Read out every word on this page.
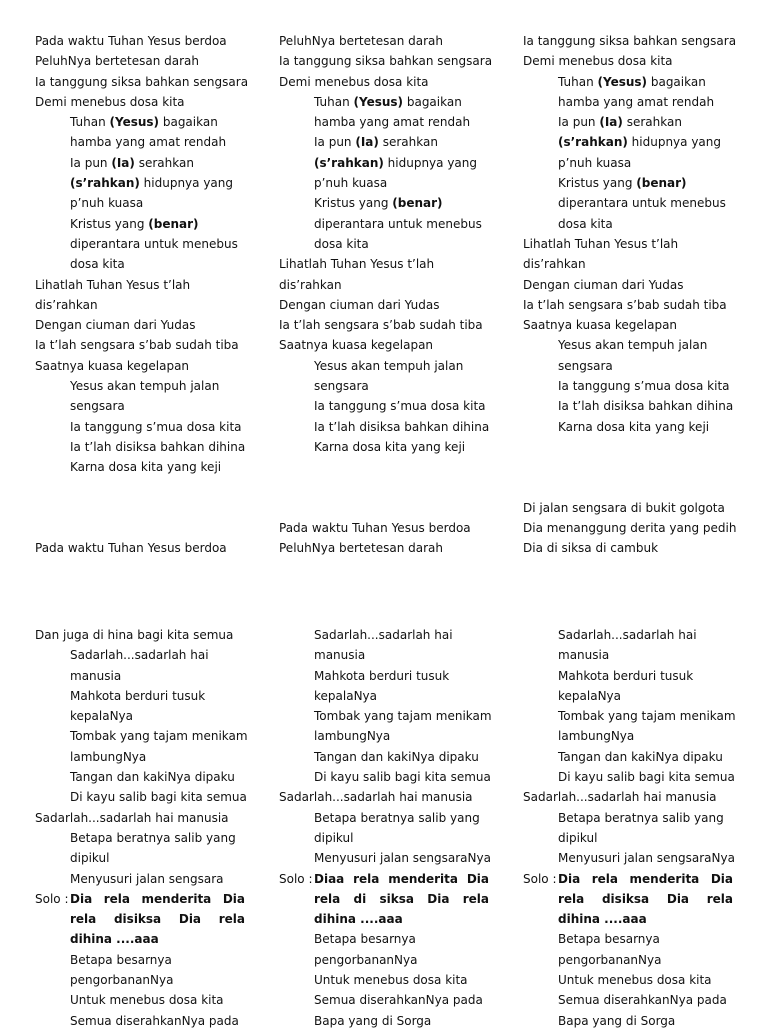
Pada waktu Tuhan Yesus berdoa
PeluhNya bertetesan darah
Ia tanggung siksa bahkan sengsara
Demi menebus dosa kita
Tuhan (Yesus) bagaikan
hamba yang amat rendah
Ia pun (Ia) serahkan
(s’rahkan) hidupnya yang
p’nuh kuasa
Kristus yang (benar)
diperantara untuk menebus
dosa kita
Lihatlah Tuhan Yesus t’lah
dis’rahkan
Dengan ciuman dari Yudas
Ia t’lah sengsara s’bab sudah tiba
Saatnya kuasa kegelapan
Yesus akan tempuh jalan
sengsara
Ia tanggung s’mua dosa kita
Ia t’lah disiksa bahkan dihina
Karna dosa kita yang keji
Pada waktu Tuhan Yesus berdoa
PeluhNya bertetesan darah
Ia tanggung siksa bahkan sengsara
Demi menebus dosa kita
Tuhan (Yesus) bagaikan
hamba yang amat rendah
Ia pun (Ia) serahkan
(s’rahkan) hidupnya yang
p’nuh kuasa
Kristus yang (benar)
diperantara untuk menebus
dosa kita
Lihatlah Tuhan Yesus t’lah
dis’rahkan
Dengan ciuman dari Yudas
Ia t’lah sengsara s’bab sudah tiba
Saatnya kuasa kegelapan
Yesus akan tempuh jalan
sengsara
Ia tanggung s’mua dosa kita
Ia t’lah disiksa bahkan dihina
Karna dosa kita yang keji
Pada waktu Tuhan Yesus berdoa
PeluhNya bertetesan darah
Ia tanggung siksa bahkan sengsara
Demi menebus dosa kita
Tuhan (Yesus) bagaikan
hamba yang amat rendah
Ia pun (Ia) serahkan
(s’rahkan) hidupnya yang
p’nuh kuasa
Kristus yang (benar)
diperantara untuk menebus
dosa kita
Lihatlah Tuhan Yesus t’lah
dis’rahkan
Dengan ciuman dari Yudas
Ia t’lah sengsara s’bab sudah tiba
Saatnya kuasa kegelapan
Yesus akan tempuh jalan
sengsara
Ia tanggung s’mua dosa kita
Ia t’lah disiksa bahkan dihina
Karna dosa kita yang keji
Di jalan sengsara di bukit golgota
Dia menanggung derita yang pedih
Dia di siksa di cambuk
Dan juga di hina bagi kita semua
Sadarlah...sadarlah hai
manusia
Mahkota berduri tusuk
kepalaNya
Tombak yang tajam menikam
lambungNya
Tangan dan kakiNya dipaku
Di kayu salib bagi kita semua
Sadarlah...sadarlah hai manusia
Betapa beratnya salib yang
dipikul
Menyusuri jalan sengsara
Solo : Dia rela menderita Dia
rela disiksa Dia rela
dihina ....aaa
Betapa besarnya
pengorbananNya
Untuk menebus dosa kita
Semua diserahkanNya pada
Sadarlah...sadarlah hai
manusia
Mahkota berduri tusuk
kepalaNya
Tombak yang tajam menikam
lambungNya
Tangan dan kakiNya dipaku
Di kayu salib bagi kita semua
Sadarlah...sadarlah hai manusia
Betapa beratnya salib yang
dipikul
Menyusuri jalan sengsaraNya
Solo : Diaa rela menderita Dia
rela di siksa Dia rela
dihina ....aaa
Betapa besarnya
pengorbananNya
Untuk menebus dosa kita
Semua diserahkanNya pada
Bapa yang di Sorga
Sadarlah...sadarlah hai
manusia
Mahkota berduri tusuk
kepalaNya
Tombak yang tajam menikam
lambungNya
Tangan dan kakiNya dipaku
Di kayu salib bagi kita semua
Sadarlah...sadarlah hai manusia
Betapa beratnya salib yang
dipikul
Menyusuri jalan sengsaraNya
Solo : Dia rela menderita Dia
rela disiksa Dia rela
dihina ....aaa
Betapa besarnya
pengorbananNya
Untuk menebus dosa kita
Semua diserahkanNya pada
Bapa yang di Sorga
